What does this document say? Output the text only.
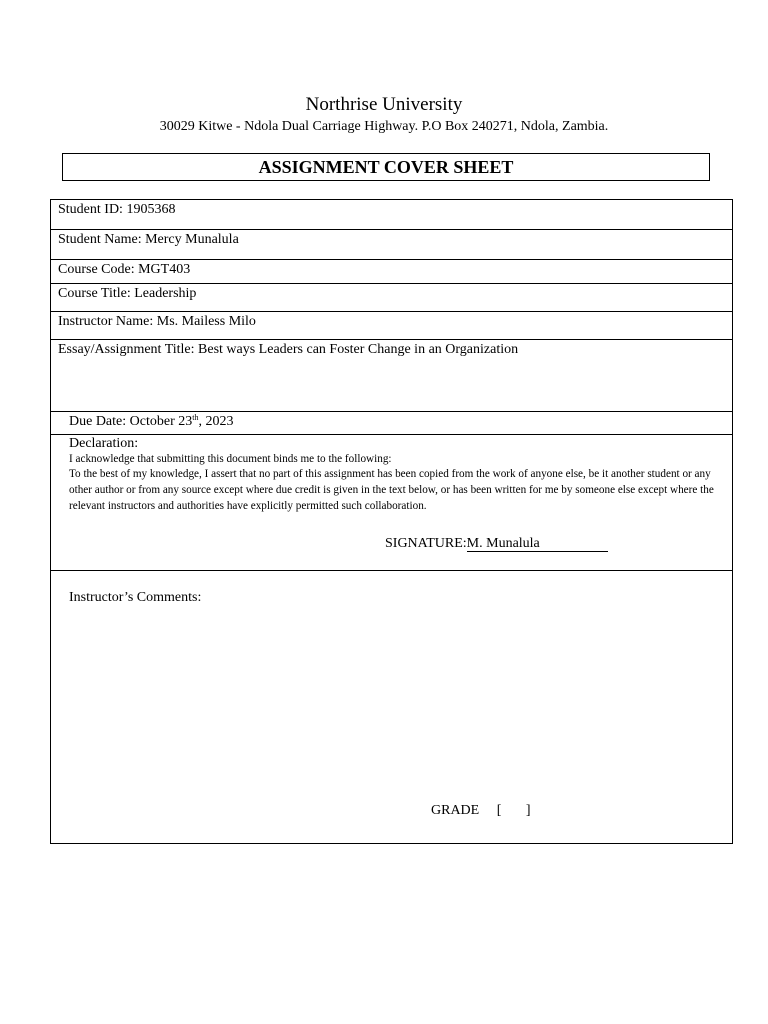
Northrise University
30029 Kitwe - Ndola Dual Carriage Highway. P.O Box 240271, Ndola, Zambia.
ASSIGNMENT COVER SHEET
Student ID: 1905368
Student Name: Mercy Munalula
Course Code: MGT403
Course Title: Leadership
Instructor Name: Ms. Mailess Milo
Essay/Assignment Title: Best ways Leaders can Foster Change in an Organization
Due Date: October 23th, 2023
Declaration:

I acknowledge that submitting this document binds me to the following:

To the best of my knowledge, I assert that no part of this assignment has been copied from the work of anyone else, be it another student or any other author or from any source except where due credit is given in the text below, or has been written for me by someone else except where the relevant instructors and authorities have explicitly permitted such collaboration.

SIGNATURE:M. Munalula
Instructor’s Comments:
GRADE [       ]
